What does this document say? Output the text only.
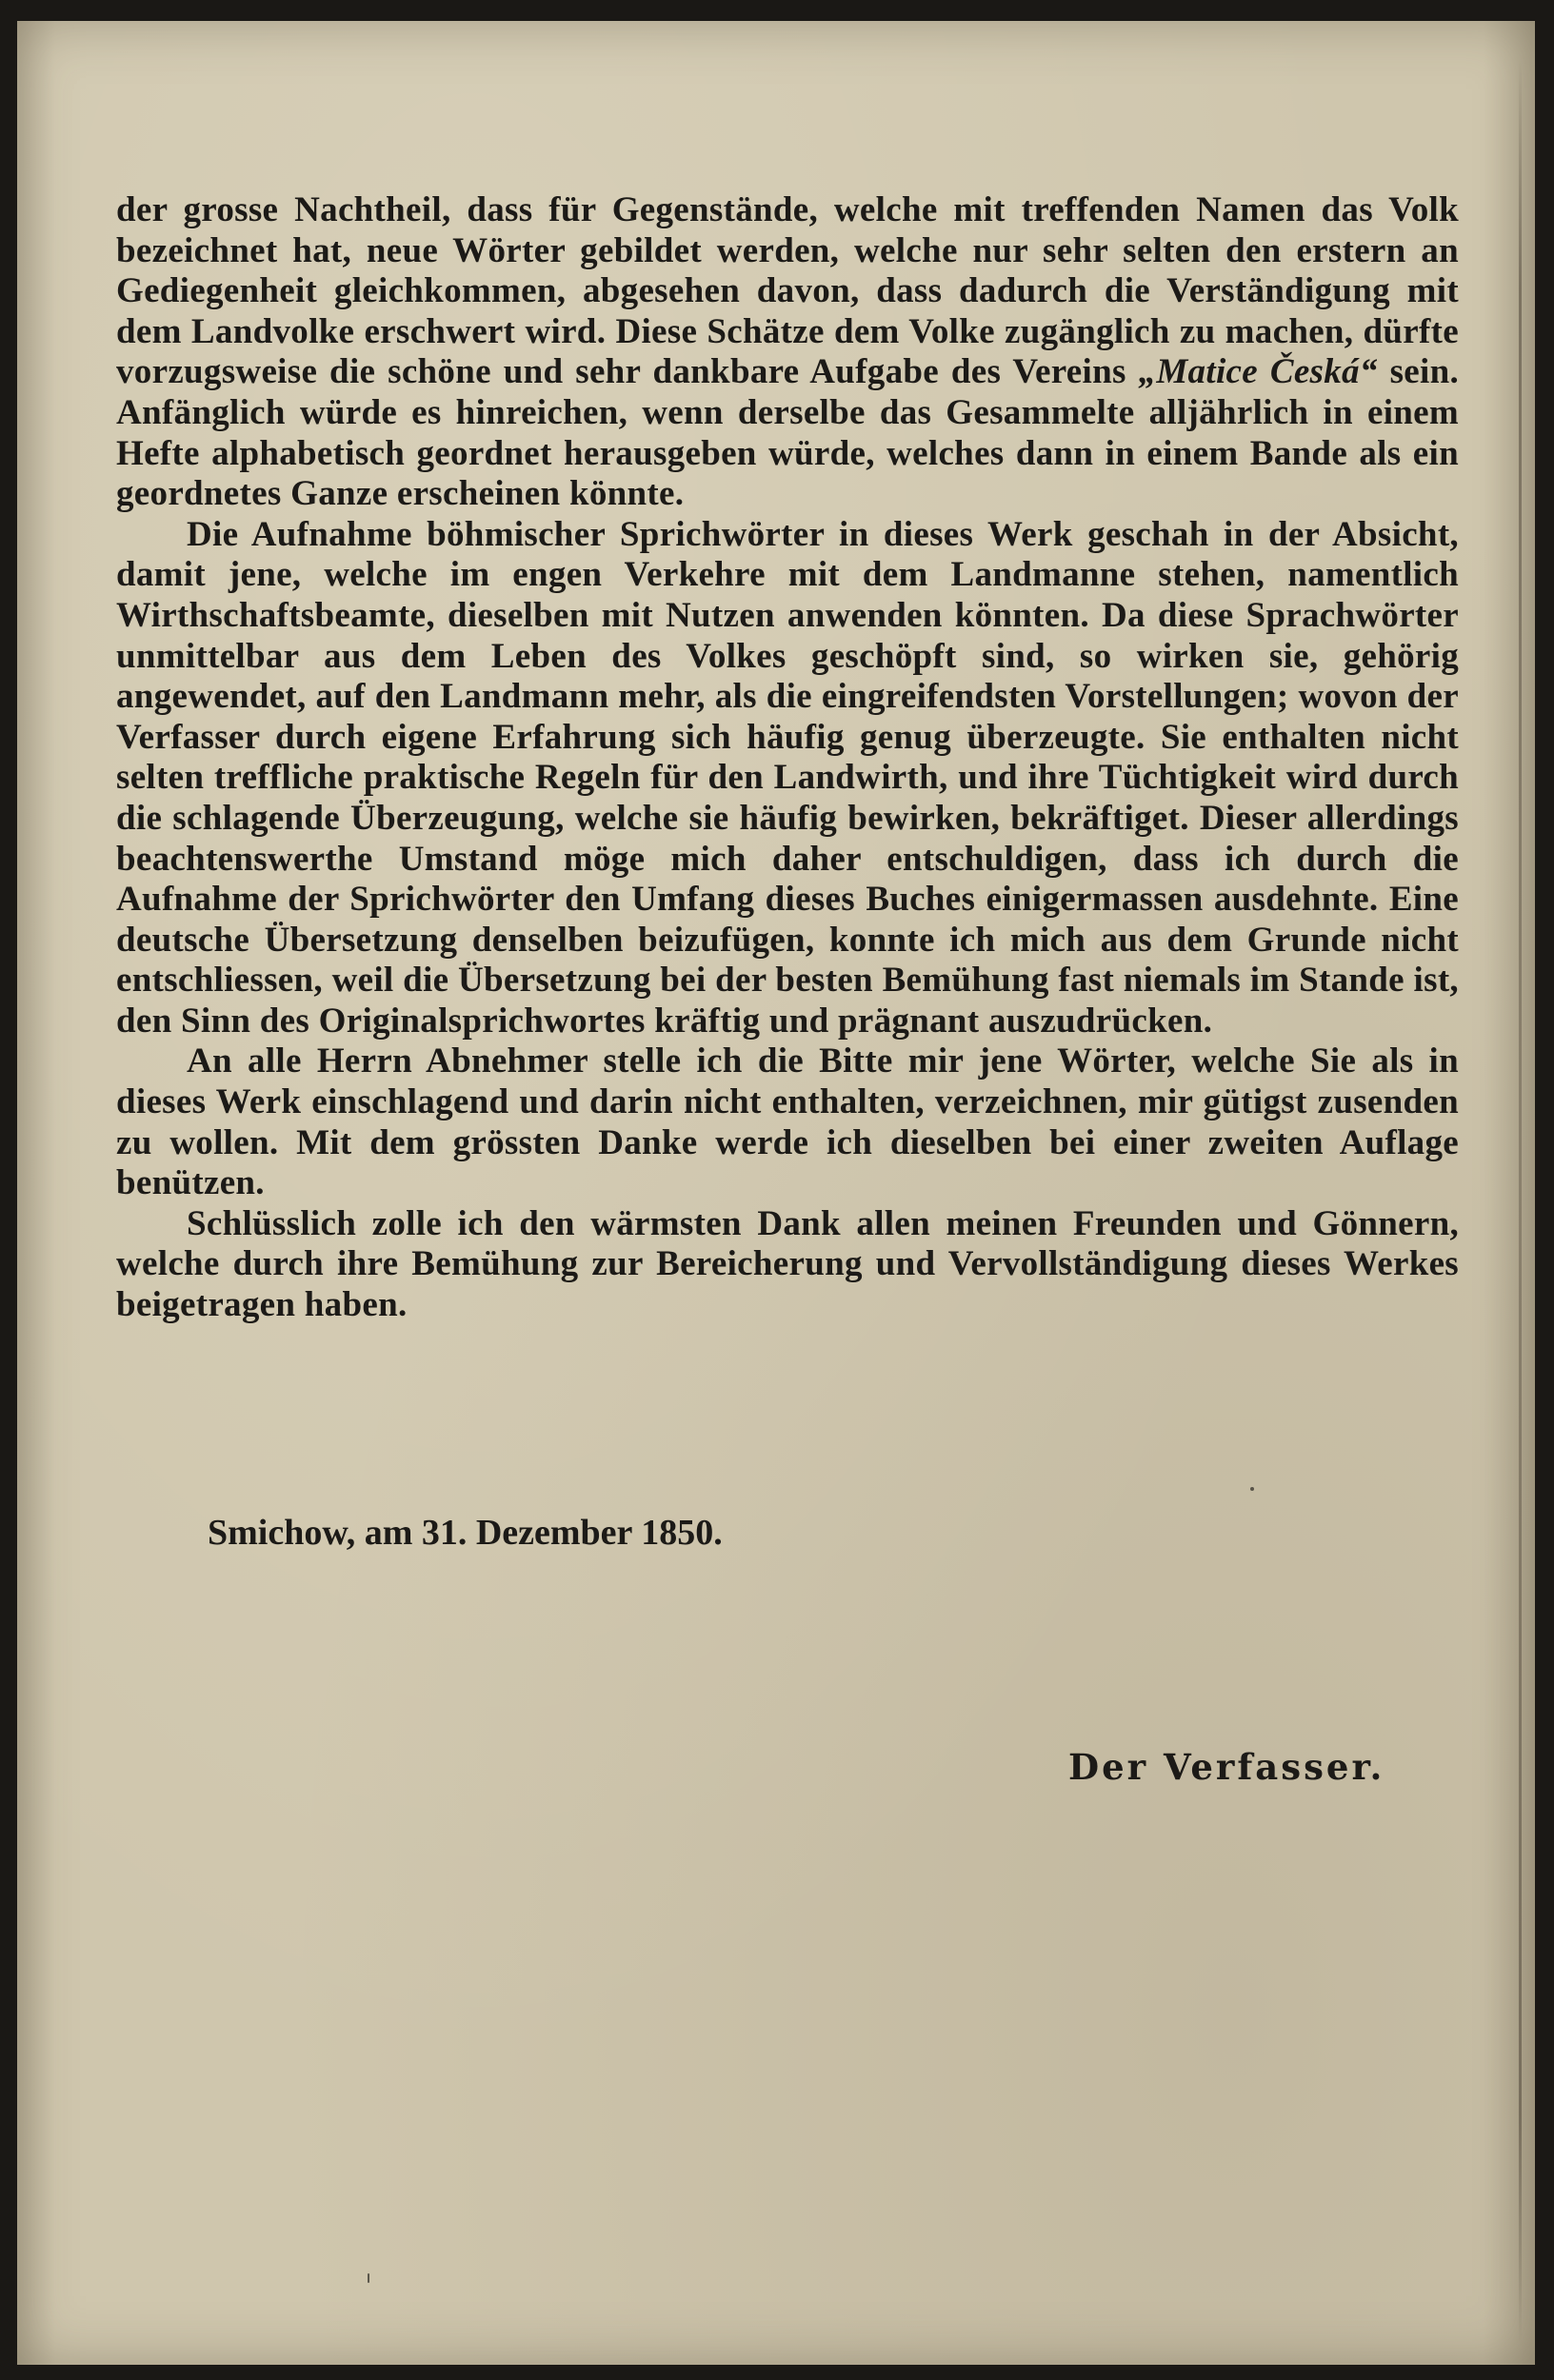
der grosse Nachtheil, dass für Gegenstände, welche mit treffenden Namen das Volk bezeichnet hat, neue Wörter gebildet werden, welche nur sehr selten den erstern an Gediegenheit gleichkommen, abgesehen davon, dass dadurch die Verständigung mit dem Landvolke erschwert wird. Diese Schätze dem Volke zugänglich zu machen, dürfte vorzugsweise die schöne und sehr dankbare Aufgabe des Vereins „Matice Česká“ sein. Anfänglich würde es hinreichen, wenn derselbe das Gesammelte alljährlich in einem Hefte alphabetisch geordnet herausgeben würde, welches dann in einem Bande als ein geordnetes Ganze erscheinen könnte.

Die Aufnahme böhmischer Sprichwörter in dieses Werk geschah in der Absicht, damit jene, welche im engen Verkehre mit dem Landmanne stehen, namentlich Wirthschaftsbeamte, dieselben mit Nutzen anwenden könnten. Da diese Sprachwörter unmittelbar aus dem Leben des Volkes geschöpft sind, so wirken sie, gehörig angewendet, auf den Landmann mehr, als die eingreifendsten Vorstellungen; wovon der Verfasser durch eigene Erfahrung sich häufig genug überzeugte. Sie enthalten nicht selten treffliche praktische Regeln für den Landwirth, und ihre Tüchtigkeit wird durch die schlagende Überzeugung, welche sie häufig bewirken, bekräftiget. Dieser allerdings beachtenswerthe Umstand möge mich daher entschuldigen, dass ich durch die Aufnahme der Sprichwörter den Umfang dieses Buches einigermassen ausdehnte. Eine deutsche Übersetzung denselben beizufügen, konnte ich mich aus dem Grunde nicht entschliessen, weil die Übersetzung bei der besten Bemühung fast niemals im Stande ist, den Sinn des Originalsprichwortes kräftig und prägnant auszudrücken.

An alle Herrn Abnehmer stelle ich die Bitte mir jene Wörter, welche Sie als in dieses Werk einschlagend und darin nicht enthalten, verzeichnen, mir gütigst zusenden zu wollen. Mit dem grössten Danke werde ich dieselben bei einer zweiten Auflage benützen.

Schlüsslich zolle ich den wärmsten Dank allen meinen Freunden und Gönnern, welche durch ihre Bemühung zur Bereicherung und Vervollständigung dieses Werkes beigetragen haben.

Smichow, am 31. Dezember 1850.
Der Verfasser.
